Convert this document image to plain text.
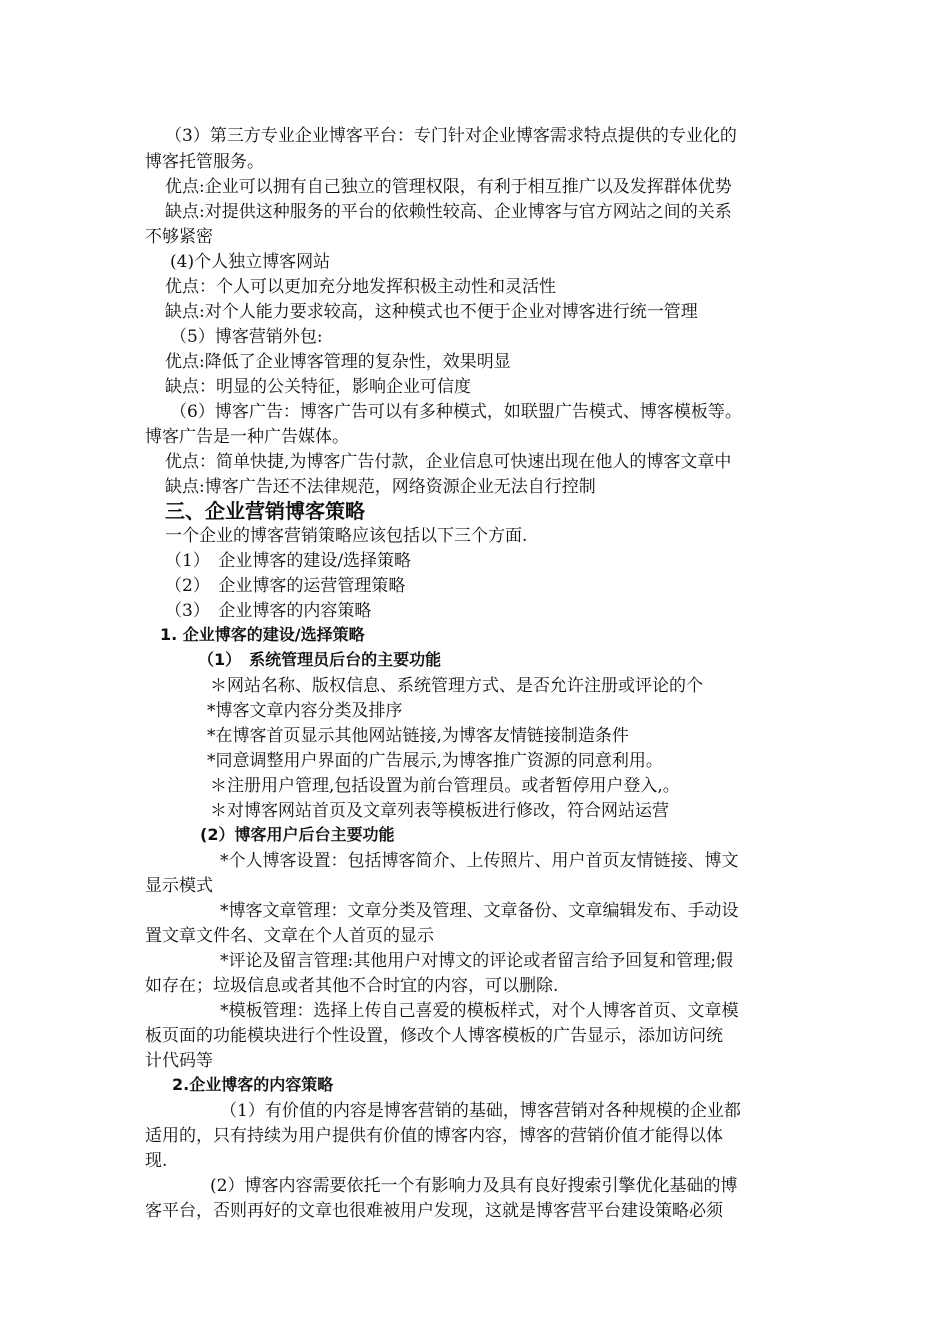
（3）第三方专业企业博客平台：专门针对企业博客需求特点提供的专业化的
博客托管服务。
优点:企业可以拥有自己独立的管理权限，有利于相互推广以及发挥群体优势
缺点:对提供这种服务的平台的依赖性较高、企业博客与官方网站之间的关系
不够紧密
(4)个人独立博客网站
优点：个人可以更加充分地发挥积极主动性和灵活性
缺点:对个人能力要求较高，这种模式也不便于企业对博客进行统一管理
（5）博客营销外包:
优点:降低了企业博客管理的复杂性，效果明显
缺点：明显的公关特征，影响企业可信度
（6）博客广告：博客广告可以有多种模式，如联盟广告模式、博客模板等。
博客广告是一种广告媒体。
优点：简单快捷,为博客广告付款，企业信息可快速出现在他人的博客文章中
缺点:博客广告还不法律规范，网络资源企业无法自行控制
三、企业营销博客策略
一个企业的博客营销策略应该包括以下三个方面.
（1）　企业博客的建设/选择策略
（2）　企业博客的运营管理策略
（3）　企业博客的内容策略
1. 企业博客的建设/选择策略
（1）　系统管理员后台的主要功能
＊网站名称、版权信息、系统管理方式、是否允许注册或评论的个
*博客文章内容分类及排序
*在博客首页显示其他网站链接,为博客友情链接制造条件
*同意调整用户界面的广告展示,为博客推广资源的同意利用。
＊注册用户管理,包括设置为前台管理员。或者暂停用户登入,。
＊对博客网站首页及文章列表等模板进行修改，符合网站运营
(2）博客用户后台主要功能
*个人博客设置：包括博客简介、上传照片、用户首页友情链接、博文
显示模式
*博客文章管理：文章分类及管理、文章备份、文章编辑发布、手动设
置文章文件名、文章在个人首页的显示
*评论及留言管理:其他用户对博文的评论或者留言给予回复和管理;假
如存在；垃圾信息或者其他不合时宜的内容，可以删除.
*模板管理：选择上传自己喜爱的模板样式，对个人博客首页、文章模
板页面的功能模块进行个性设置，修改个人博客模板的广告显示，添加访问统
计代码等
2.企业博客的内容策略
（1）有价值的内容是博客营销的基础，博客营销对各种规模的企业都
适用的，只有持续为用户提供有价值的博客内容，博客的营销价值才能得以体
现.
(2）博客内容需要依托一个有影响力及具有良好搜索引擎优化基础的博
客平台，否则再好的文章也很难被用户发现，这就是博客营平台建设策略必须
